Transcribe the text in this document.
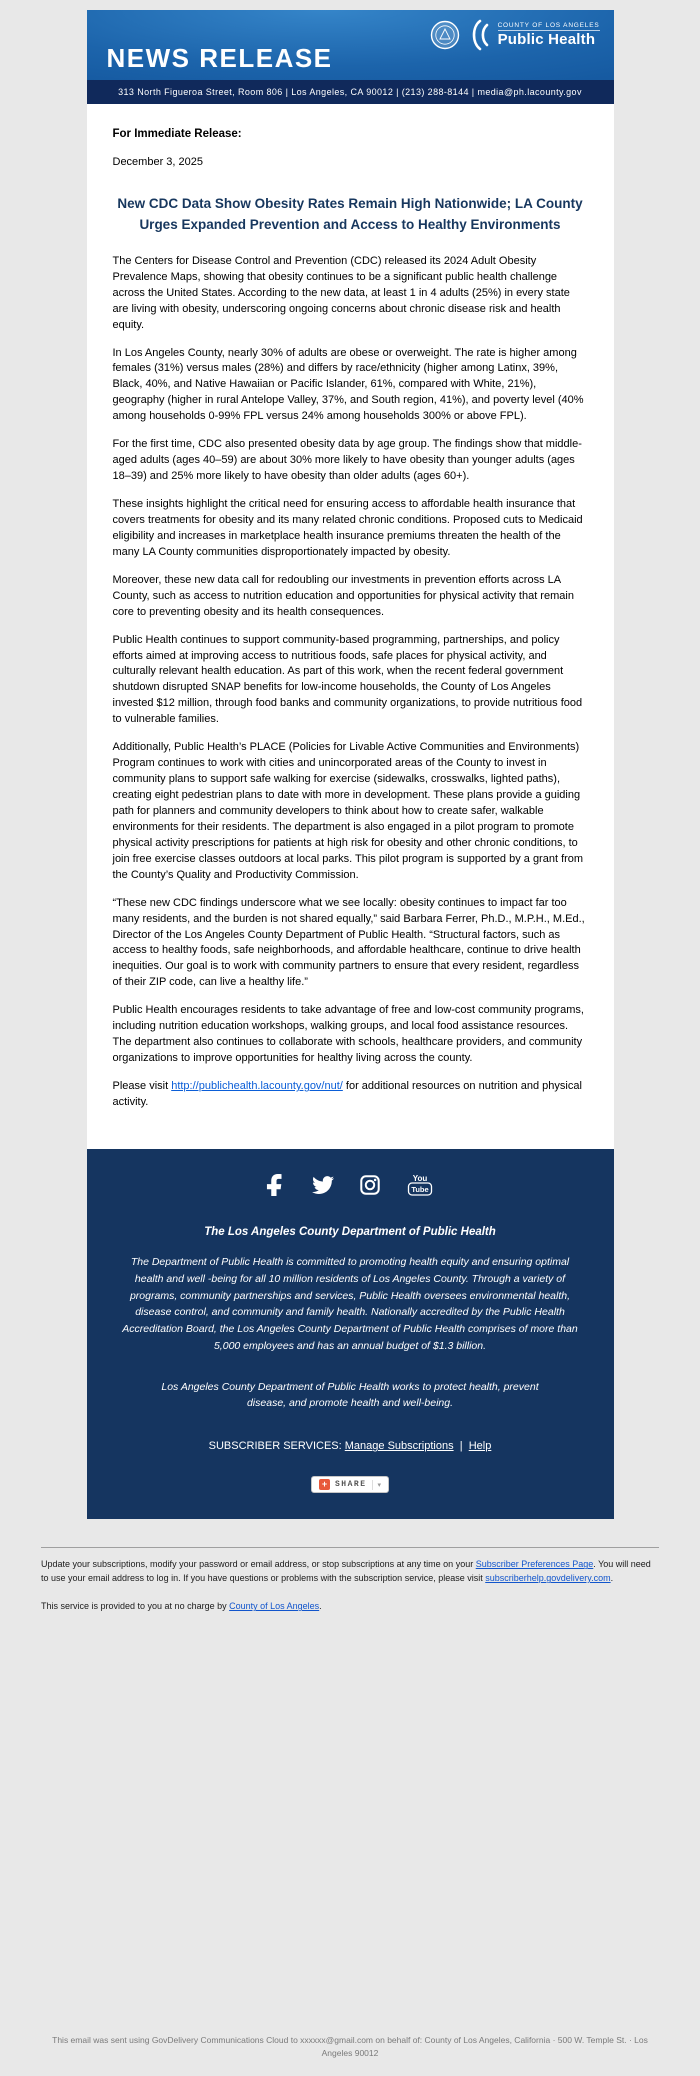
NEWS RELEASE
COUNTY OF LOS ANGELES
Public Health
313 North Figueroa Street, Room 806 | Los Angeles, CA 90012 | (213) 288-8144 | media@ph.lacounty.gov

For Immediate Release:

December 3, 2025

New CDC Data Show Obesity Rates Remain High Nationwide; LA County Urges Expanded Prevention and Access to Healthy Environments

The Centers for Disease Control and Prevention (CDC) released its 2024 Adult Obesity Prevalence Maps, showing that obesity continues to be a significant public health challenge across the United States. According to the new data, at least 1 in 4 adults (25%) in every state are living with obesity, underscoring ongoing concerns about chronic disease risk and health equity.

In Los Angeles County, nearly 30% of adults are obese or overweight. The rate is higher among females (31%) versus males (28%) and differs by race/ethnicity (higher among Latinx, 39%, Black, 40%, and Native Hawaiian or Pacific Islander, 61%, compared with White, 21%), geography (higher in rural Antelope Valley, 37%, and South region, 41%), and poverty level (40% among households 0-99% FPL versus 24% among households 300% or above FPL).

For the first time, CDC also presented obesity data by age group. The findings show that middle-aged adults (ages 40–59) are about 30% more likely to have obesity than younger adults (ages 18–39) and 25% more likely to have obesity than older adults (ages 60+).

These insights highlight the critical need for ensuring access to affordable health insurance that covers treatments for obesity and its many related chronic conditions. Proposed cuts to Medicaid eligibility and increases in marketplace health insurance premiums threaten the health of the many LA County communities disproportionately impacted by obesity.

Moreover, these new data call for redoubling our investments in prevention efforts across LA County, such as access to nutrition education and opportunities for physical activity that remain core to preventing obesity and its health consequences.

Public Health continues to support community-based programming, partnerships, and policy efforts aimed at improving access to nutritious foods, safe places for physical activity, and culturally relevant health education. As part of this work, when the recent federal government shutdown disrupted SNAP benefits for low-income households, the County of Los Angeles invested $12 million, through food banks and community organizations, to provide nutritious food to vulnerable families.

Additionally, Public Health’s PLACE (Policies for Livable Active Communities and Environments) Program continues to work with cities and unincorporated areas of the County to invest in community plans to support safe walking for exercise (sidewalks, crosswalks, lighted paths), creating eight pedestrian plans to date with more in development. These plans provide a guiding path for planners and community developers to think about how to create safer, walkable environments for their residents. The department is also engaged in a pilot program to promote physical activity prescriptions for patients at high risk for obesity and other chronic conditions, to join free exercise classes outdoors at local parks. This pilot program is supported by a grant from the County’s Quality and Productivity Commission.

“These new CDC findings underscore what we see locally: obesity continues to impact far too many residents, and the burden is not shared equally,” said Barbara Ferrer, Ph.D., M.P.H., M.Ed., Director of the Los Angeles County Department of Public Health. “Structural factors, such as access to healthy foods, safe neighborhoods, and affordable healthcare, continue to drive health inequities. Our goal is to work with community partners to ensure that every resident, regardless of their ZIP code, can live a healthy life.”

Public Health encourages residents to take advantage of free and low-cost community programs, including nutrition education workshops, walking groups, and local food assistance resources. The department also continues to collaborate with schools, healthcare providers, and community organizations to improve opportunities for healthy living across the county.

Please visit http://publichealth.lacounty.gov/nut/ for additional resources on nutrition and physical activity.

You
Tube
The Los Angeles County Department of Public Health

The Department of Public Health is committed to promoting health equity and ensuring optimal health and well -being for all 10 million residents of Los Angeles County. Through a variety of programs, community partnerships and services, Public Health oversees environmental health, disease control, and community and family health. Nationally accredited by the Public Health Accreditation Board, the Los Angeles County Department of Public Health comprises of more than 5,000 employees and has an annual budget of $1.3 billion.

Los Angeles County Department of Public Health works to protect health, prevent disease, and promote health and well-being.

SUBSCRIBER SERVICES: Manage Subscriptions | Help

+ SHARE ▾

Update your subscriptions, modify your password or email address, or stop subscriptions at any time on your Subscriber Preferences Page. You will need to use your email address to log in. If you have questions or problems with the subscription service, please visit subscriberhelp.govdelivery.com.

This service is provided to you at no charge by County of Los Angeles.

This email was sent using GovDelivery Communications Cloud to xxxxxx@gmail.com on behalf of: County of Los Angeles, California · 500 W. Temple St. · Los Angeles 90012
